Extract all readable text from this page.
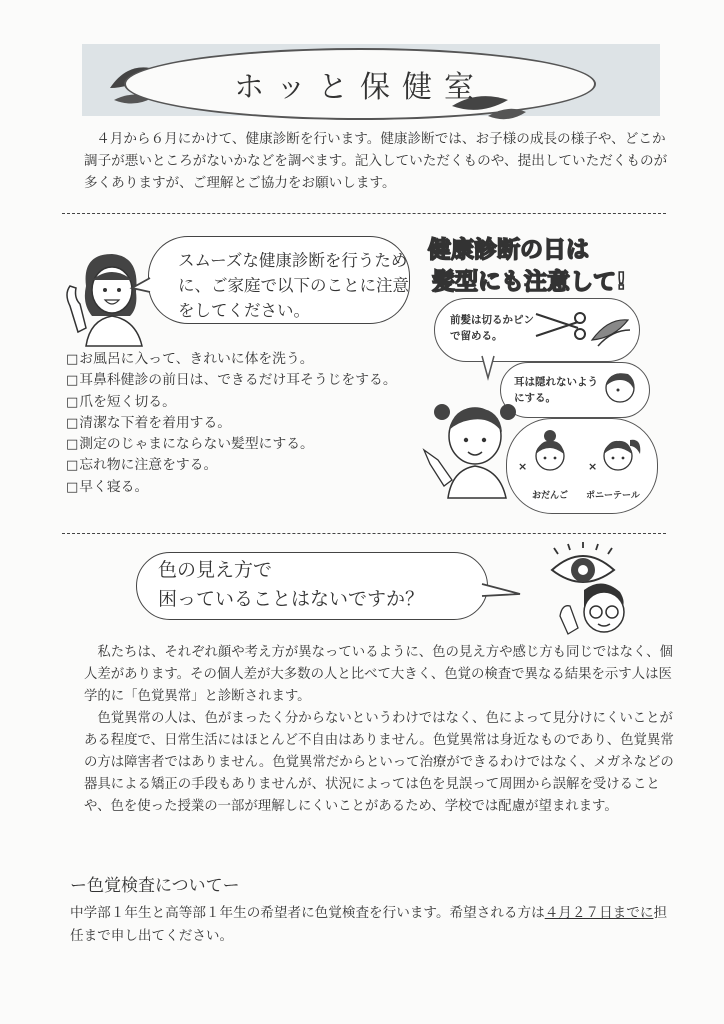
ホッと保健室
４月から６月にかけて、健康診断を行います。健康診断では、お子様の成長の様子や、どこか調子が悪いところがないかなどを調べます。記入していただくものや、提出していただくものが多くありますが、ご理解とご協力をお願いします。
スムーズな健康診断を行うために、ご家庭で以下のことに注意をしてください。
□ お風呂に入って、きれいに体を洗う。
□ 耳鼻科健診の前日は、できるだけ耳そうじをする。
□ 爪を短く切る。
□ 清潔な下着を着用する。
□ 測定のじゃまにならない髪型にする。
□ 忘れ物に注意をする。
□ 早く寝る。
健康診断の日は
髪型にも注意して!
前髪は切るかピンで留める。
耳は隠れないようにする。
×	×
おだんご ポニーテール
色の見え方で
困っていることはないですか？
私たちは、それぞれ顔や考え方が異なっているように、色の見え方や感じ方も同じではなく、個人差があります。その個人差が大多数の人と比べて大きく、色覚の検査で異なる結果を示す人は医学的に「色覚異常」と診断されます。
色覚異常の人は、色がまったく分からないというわけではなく、色によって見分けにくいことがある程度で、日常生活にはほとんど不自由はありません。色覚異常は身近なものであり、色覚異常の方は障害者ではありません。色覚異常だからといって治療ができるわけではなく、メガネなどの器具による矯正の手段もありませんが、状況によっては色を見誤って周囲から誤解を受けることや、色を使った授業の一部が理解しにくいことがあるため、学校では配慮が望まれます。
ー色覚検査についてー
中学部１年生と高等部１年生の希望者に色覚検査を行います。希望される方は４月２７日までに担任まで申し出てください。
